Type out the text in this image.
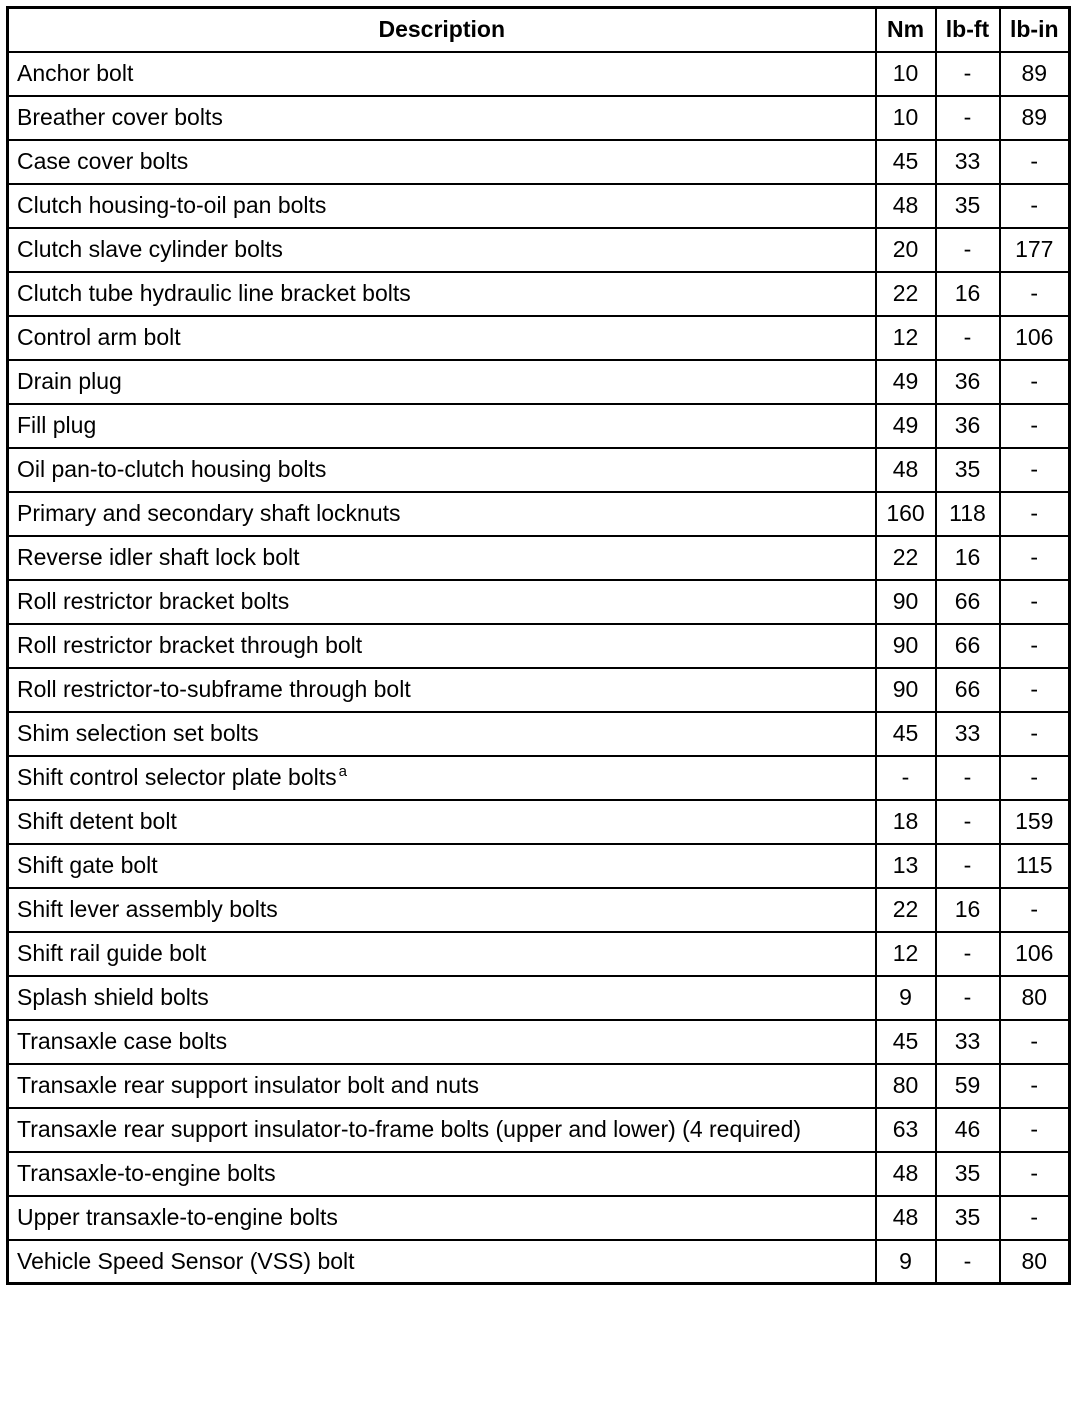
Description	Nm	lb-ft	lb-in
Anchor bolt	10	-	89
Breather cover bolts	10	-	89
Case cover bolts	45	33	-
Clutch housing-to-oil pan bolts	48	35	-
Clutch slave cylinder bolts	20	-	177
Clutch tube hydraulic line bracket bolts	22	16	-
Control arm bolt	12	-	106
Drain plug	49	36	-
Fill plug	49	36	-
Oil pan-to-clutch housing bolts	48	35	-
Primary and secondary shaft locknuts	160	118	-
Reverse idler shaft lock bolt	22	16	-
Roll restrictor bracket bolts	90	66	-
Roll restrictor bracket through bolt	90	66	-
Roll restrictor-to-subframe through bolt	90	66	-
Shim selection set bolts	45	33	-
Shift control selector plate bolts $^a$	-	-	-
Shift detent bolt	18	-	159
Shift gate bolt	13	-	115
Shift lever assembly bolts	22	16	-
Shift rail guide bolt	12	-	106
Splash shield bolts	9	-	80
Transaxle case bolts	45	33	-
Transaxle rear support insulator bolt and nuts	80	59	-
Transaxle rear support insulator-to-frame bolts (upper and lower) (4 required)	63	46	-
Transaxle-to-engine bolts	48	35	-
Upper transaxle-to-engine bolts	48	35	-
Vehicle Speed Sensor (VSS) bolt	9	-	80
